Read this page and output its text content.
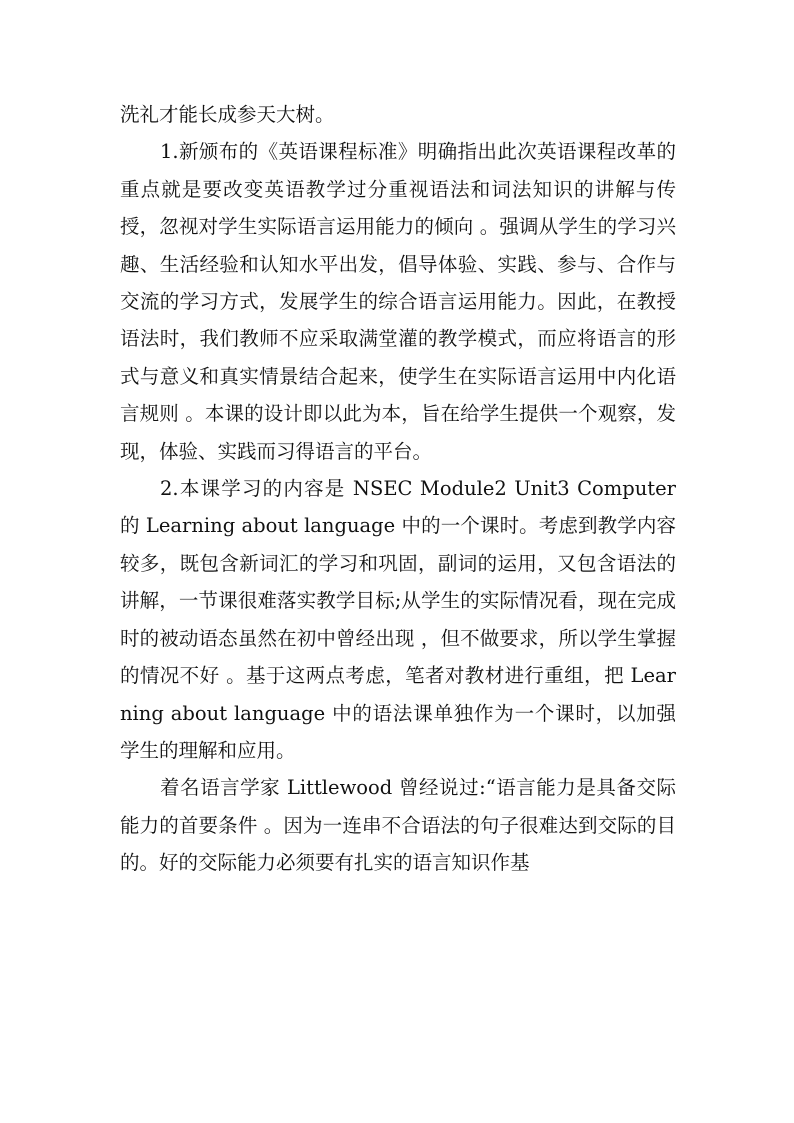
洗礼才能长成参天大树。

1.新颁布的《英语课程标准》明确指出此次英语课程改革的重点就是要改变英语教学过分重视语法和词法知识的讲解与传授，忽视对学生实际语言运用能力的倾向 。强调从学生的学习兴趣、生活经验和认知水平出发，倡导体验、实践、参与、合作与交流的学习方式，发展学生的综合语言运用能力。因此，在教授语法时，我们教师不应采取满堂灌的教学模式，而应将语言的形式与意义和真实情景结合起来，使学生在实际语言运用中内化语言规则 。本课的设计即以此为本，旨在给学生提供一个观察，发现，体验、实践而习得语言的平台。

2.本课学习的内容是 NSEC Module2 Unit3 Computer 的 Learning about language 中的一个课时。考虑到教学内容较多，既包含新词汇的学习和巩固，副词的运用，又包含语法的讲解，一节课很难落实教学目标;从学生的实际情况看，现在完成时的被动语态虽然在初中曾经出现 ，但不做要求，所以学生掌握的情况不好 。基于这两点考虑，笔者对教材进行重组，把 Learning about language 中的语法课单独作为一个课时，以加强学生的理解和应用。

着名语言学家 Littlewood 曾经说过:“语言能力是具备交际能力的首要条件 。因为一连串不合语法的句子很难达到交际的目的。好的交际能力必须要有扎实的语言知识作基
